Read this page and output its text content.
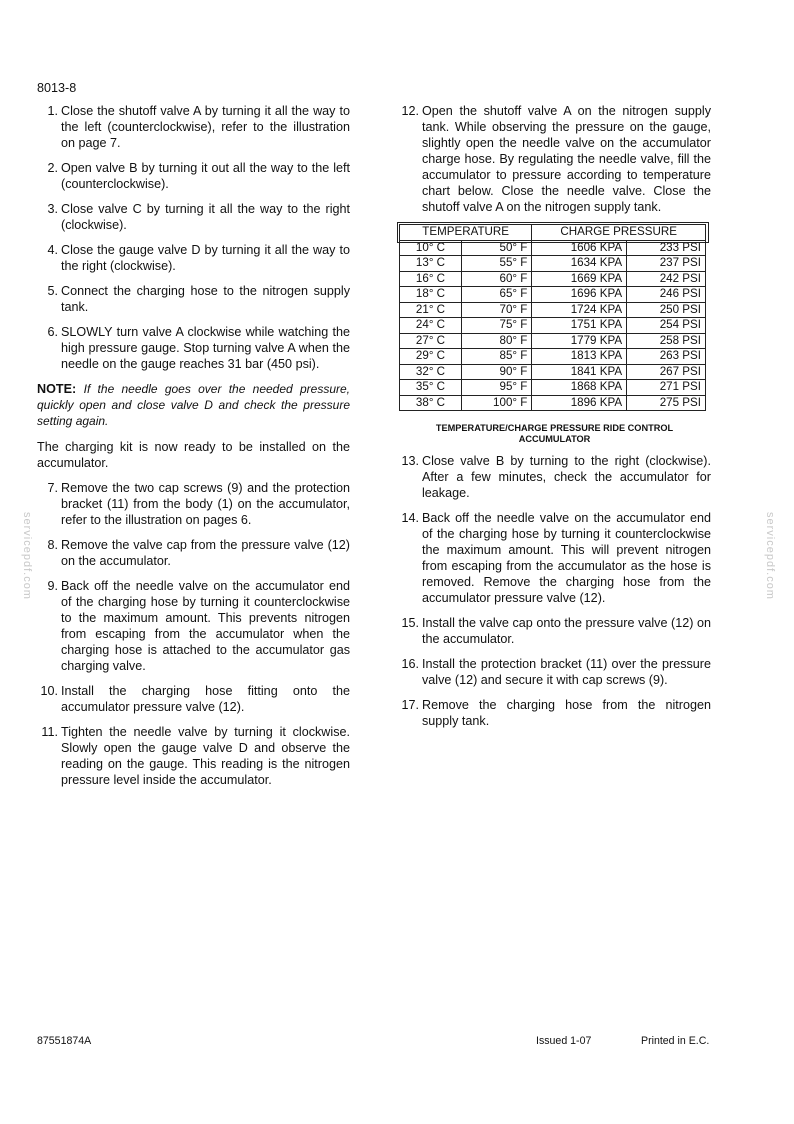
8013-8
1. Close the shutoff valve A by turning it all the way to the left (counterclockwise), refer to the illustration on page 7.
2. Open valve B by turning it out all the way to the left (counterclockwise).
3. Close valve C by turning it all the way to the right (clockwise).
4. Close the gauge valve D by turning it all the way to the right (clockwise).
5. Connect the charging hose to the nitrogen supply tank.
6. SLOWLY turn valve A clockwise while watching the high pressure gauge. Stop turning valve A when the needle on the gauge reaches 31 bar (450 psi).

NOTE: If the needle goes over the needed pressure, quickly open and close valve D and check the pressure setting again.

The charging kit is now ready to be installed on the accumulator.

7. Remove the two cap screws (9) and the protection bracket (11) from the body (1) on the accumulator, refer to the illustration on pages 6.
8. Remove the valve cap from the pressure valve (12) on the accumulator.
9. Back off the needle valve on the accumulator end of the charging hose by turning it counterclockwise to the maximum amount. This prevents nitrogen from escaping from the accumulator when the charging hose is attached to the accumulator gas charging valve.
10. Install the charging hose fitting onto the accumulator pressure valve (12).
11. Tighten the needle valve by turning it clockwise. Slowly open the gauge valve D and observe the reading on the gauge. This reading is the nitrogen pressure level inside the accumulator.
12. Open the shutoff valve A on the nitrogen supply tank. While observing the pressure on the gauge, slightly open the needle valve on the accumulator charge hose. By regulating the needle valve, fill the accumulator to pressure according to temperature chart below. Close the needle valve. Close the shutoff valve A on the nitrogen supply tank.
TEMPERATURE		CHARGE PRESSURE	
10° C	50° F	1606 KPA	233 PSI
13° C	55° F	1634 KPA	237 PSI
16° C	60° F	1669 KPA	242 PSI
18° C	65° F	1696 KPA	246 PSI
21° C	70° F	1724 KPA	250 PSI
24° C	75° F	1751 KPA	254 PSI
27° C	80° F	1779 KPA	258 PSI
29° C	85° F	1813 KPA	263 PSI
32° C	90° F	1841 KPA	267 PSI
35° C	95° F	1868 KPA	271 PSI
38° C	100° F	1896 KPA	275 PSI
TEMPERATURE/CHARGE PRESSURE RIDE CONTROL
ACCUMULATOR
13. Close valve B by turning to the right (clockwise). After a few minutes, check the accumulator for leakage.
14. Back off the needle valve on the accumulator end of the charging hose by turning it counterclockwise the maximum amount. This will prevent nitrogen from escaping from the accumulator as the hose is removed. Remove the charging hose from the accumulator pressure valve (12).
15. Install the valve cap onto the pressure valve (12) on the accumulator.
16. Install the protection bracket (11) over the pressure valve (12) and secure it with cap screws (9).
17. Remove the charging hose from the nitrogen supply tank.
servicepdf.com	servicepdf.com
87551874A	Issued 1-07	Printed in E.C.
